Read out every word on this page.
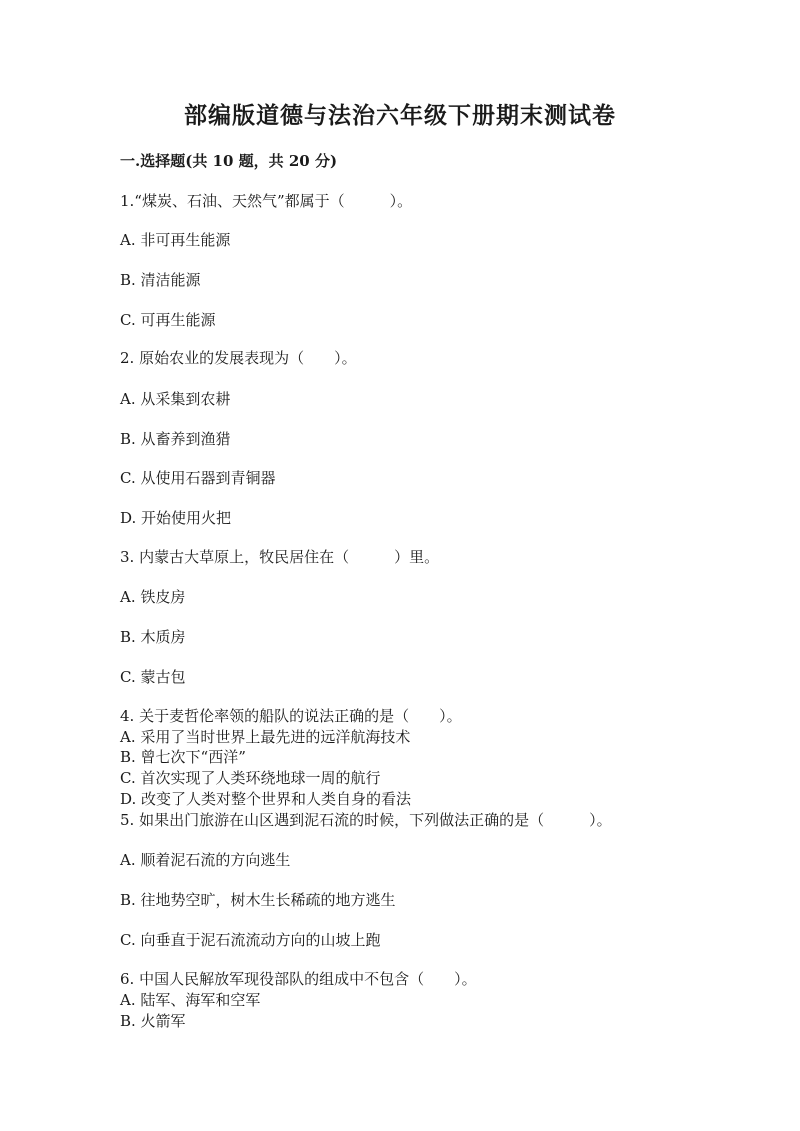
部编版道德与法治六年级下册期末测试卷
一.选择题(共 10 题，共 20 分)
1.“煤炭、石油、天然气”都属于（　　　）。
A. 非可再生能源
B. 清洁能源
C. 可再生能源
2. 原始农业的发展表现为（　　）。
A. 从采集到农耕
B. 从畜养到渔猎
C. 从使用石器到青铜器
D. 开始使用火把
3. 内蒙古大草原上，牧民居住在（　　　）里。
A. 铁皮房
B. 木质房
C. 蒙古包
4. 关于麦哲伦率领的船队的说法正确的是（　　）。
A. 采用了当时世界上最先进的远洋航海技术
B. 曾七次下“西洋”
C. 首次实现了人类环绕地球一周的航行
D. 改变了人类对整个世界和人类自身的看法
5. 如果出门旅游在山区遇到泥石流的时候，下列做法正确的是（　　　）。
A. 顺着泥石流的方向逃生
B. 往地势空旷，树木生长稀疏的地方逃生
C. 向垂直于泥石流流动方向的山坡上跑
6. 中国人民解放军现役部队的组成中不包含（　　）。
A. 陆军、海军和空军
B. 火箭军
